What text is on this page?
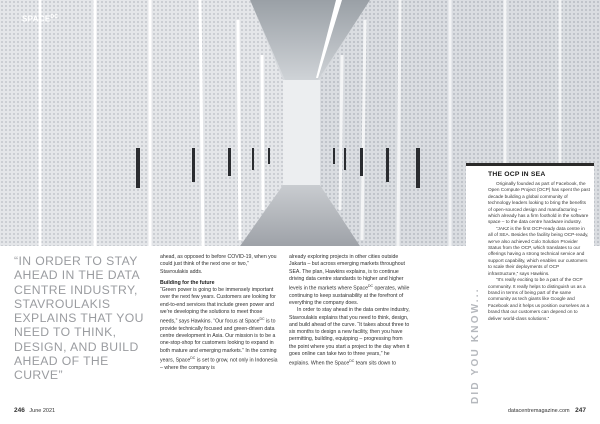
$SPACE^{DC}$
THE OCP IN SEA

Originally founded as part of Facebook, the Open Compute Project (OCP) has spent the past decade building a global community of technology leaders looking to bring the benefits of open-sourced design and manufacturing – which already has a firm foothold in the software space – to the data centre hardware industry.

“JAKZ is the first OCP-ready data centre in all of SEA. Besides the facility being OCP-ready, we’ve also achieved Colo Solution Provider Status from the OCP, which translates to our offerings having a strong technical service and support capability, which enables our customers to scale their deployments of OCP infrastructure,” says Hawkins.

“It’s really exciting to be a part of the OCP community. It really helps to distinguish us as a brand in terms of being part of the same community as tech giants like Google and Facebook and it helps us position ourselves as a brand that our customers can depend on to deliver world-class solutions.”

DID YOU KNOW...
“IN ORDER TO STAY AHEAD IN THE DATA CENTRE INDUSTRY, STAVROULAKIS EXPLAINS THAT YOU NEED TO THINK, DESIGN, AND BUILD AHEAD OF THE CURVE”

ahead, as opposed to before COVID-19, when you could just think of the next one or two,” Stavroulakis adds.

Building for the future

“Green power is going to be immensely important over the next few years. Customers are looking for end-to-end services that include green power and we’re developing the solutions to meet those needs,” says Hawkins. “Our focus at Space$^{DC}$ is to provide technically focused and green-driven data centre development in Asia. Our mission is to be a one-stop-shop for customers looking to expand in both mature and emerging markets.” In the coming years, Space$^{DC}$ is set to grow, not only in Indonesia – where the company is

already exploring projects in other cities outside Jakarta – but across emerging markets throughout SEA. The plan, Hawkins explains, is to continue driving data centre standards to higher and higher levels in the markets where Space$^{DC}$ operates, while continuing to keep sustainability at the forefront of everything the company does.

In order to stay ahead in the data centre industry, Stavroulakis explains that you need to think, design, and build ahead of the curve. “It takes about three to six months to design a new facility, then you have permitting, building, equipping – progressing from the point where you start a project to the day when it goes online can take two to three years,” he explains. When the Space$^{DC}$ team sits down to

246 June 2021	datacentremagazine.com 247
